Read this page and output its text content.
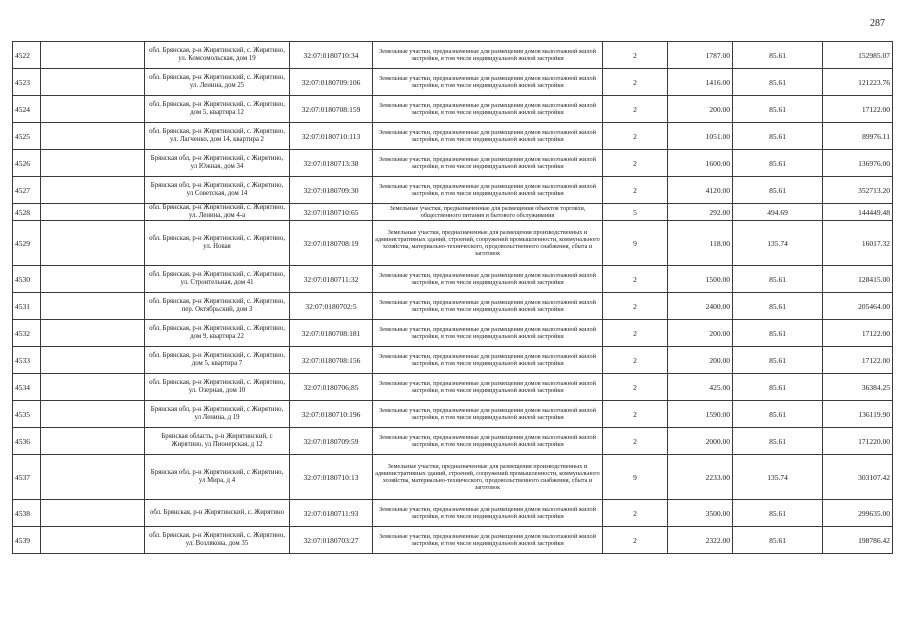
287
4522		обл. Брянская, р-н Жирятинский, с. Жирятино, ул. Комсомольская, дом 19	32:07:0180710:34	Земельные участки, предназначенные для размещения домов малоэтажной жилой застройки, в том числе индивидуальной жилой застройки	2	1787.00	85.61	152985.07
4523		обл. Брянская, р-н Жирятинский, с. Жирятино, ул. Ленина, дом 25	32:07:0180709:106	Земельные участки, предназначенные для размещения домов малоэтажной жилой застройки, в том числе индивидуальной жилой застройки	2	1416.00	85.61	121223.76
4524		обл. Брянская, р-н Жирятинский, с. Жирятино, дом 5, квартира 12	32:07:0180708:159	Земельные участки, предназначенные для размещения домов малоэтажной жилой застройки, в том числе индивидуальной жилой застройки	2	200.00	85.61	17122.00
4525		обл. Брянская, р-н Жирятинский, с. Жирятино, ул. Лагченко, дом 14, квартира 2	32:07:0180710:113	Земельные участки, предназначенные для размещения домов малоэтажной жилой застройки, в том числе индивидуальной жилой застройки	2	1051.00	85.61	89976.11
4526		Брянская обл, р-н Жирятинский, с Жирятино, ул Южная, дом 34	32:07:0180713:38	Земельные участки, предназначенные для размещения домов малоэтажной жилой застройки, в том числе индивидуальной жилой застройки	2	1600.00	85.61	136976.00
4527		Брянская обл, р-н Жирятинский, с Жирятино, ул Советская, дом 14	32:07:0180709:30	Земельные участки, предназначенные для размещения домов малоэтажной жилой застройки, в том числе индивидуальной жилой застройки	2	4120.00	85.61	352713.20
4528		обл. Брянская, р-н Жирятинский, с. Жирятино, ул. Ленина, дом 4-а	32:07:0180710:65	Земельные участки, предназначенные для размещения объектов торговли, общественного питания и бытового обслуживания	5	292.00	494.69	144449.48
4529		обл. Брянская, р-н Жирятинский, с. Жирятино, ул. Новая	32:07:0180708:19	Земельные участки, предназначенные для размещения производственных и административных зданий, строений, сооружений промышленности, коммунального хозяйства, материально-технического, продовольственного снабжения, сбыта и заготовок	9	118.00	135.74	16017.32
4530		обл. Брянская, р-н Жирятинский, с. Жирятино, ул. Строительная, дом 41	32:07:0180711:32	Земельные участки, предназначенные для размещения домов малоэтажной жилой застройки, в том числе индивидуальной жилой застройки	2	1500.00	85.61	128415.00
4531		обл. Брянская, р-н Жирятинский, с. Жирятино, пер. Октябрьский, дом 3	32:07:0180702:5	Земельные участки, предназначенные для размещения домов малоэтажной жилой застройки, в том числе индивидуальной жилой застройки	2	2400.00	85.61	205464.00
4532		обл. Брянская, р-н Жирятинский, с. Жирятино, дом 9, квартира 22	32:07:0180708:181	Земельные участки, предназначенные для размещения домов малоэтажной жилой застройки, в том числе индивидуальной жилой застройки	2	200.00	85.61	17122.00
4533		обл. Брянская, р-н Жирятинский, с. Жирятино, дом 5, квартира 7	32:07:0180708:156	Земельные участки, предназначенные для размещения домов малоэтажной жилой застройки, в том числе индивидуальной жилой застройки	2	200.00	85.61	17122.00
4534		обл. Брянская, р-н Жирятинский, с. Жирятино, ул. Озерная, дом 10	32:07:0180706:85	Земельные участки, предназначенные для размещения домов малоэтажной жилой застройки, в том числе индивидуальной жилой застройки	2	425.00	85.61	36384.25
4535		Брянская обл, р-н Жирятинский, с Жирятино, ул Ленина, д 19	32:07:0180710:196	Земельные участки, предназначенные для размещения домов малоэтажной жилой застройки, в том числе индивидуальной жилой застройки	2	1590.00	85.61	136119.90
4536		Брянская область, р-н Жирятинский, с Жирятино, ул Пионерская, д 12	32:07:0180709:59	Земельные участки, предназначенные для размещения домов малоэтажной жилой застройки, в том числе индивидуальной жилой застройки	2	2000.00	85.61	171220.00
4537		Брянская обл, р-н Жирятинский, с Жирятино, ул Мира, д 4	32:07:0180710:13	Земельные участки, предназначенные для размещения производственных и административных зданий, строений, сооружений промышленности, коммунального хозяйства, материально-технического, продовольственного снабжения, сбыта и заготовок	9	2233.00	135.74	303107.42
4538		обл. Брянская, р-н Жирятинский, с. Жирятино	32:07:0180711:93	Земельные участки, предназначенные для размещения домов малоэтажной жилой застройки, в том числе индивидуальной жилой застройки	2	3500.00	85.61	299635.00
4539		обл. Брянская, р-н Жирятинский, с. Жирятино, ул. Возлякова, дом 35	32:07:0180703:27	Земельные участки, предназначенные для размещения домов малоэтажной жилой застройки, в том числе индивидуальной жилой застройки	2	2322.00	85.61	198786.42
